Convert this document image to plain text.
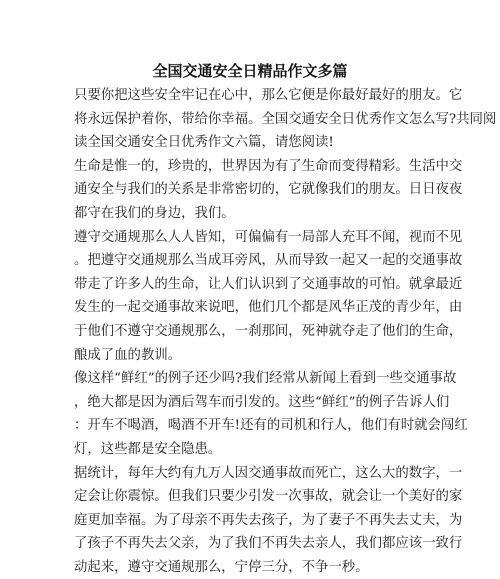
全国交通安全日精品作文多篇
只要你把这些安全牢记在心中，那么它便是你最好最好的朋友。它
将永远保护着你，带给你幸福。全国交通安全日优秀作文怎么写?共同阅
读全国交通安全日优秀作文六篇，请您阅读!
生命是惟一的，珍贵的，世界因为有了生命而变得精彩。生活中交
通安全与我们的关系是非常密切的，它就像我们的朋友。日日夜夜
都守在我们的身边，我们。
遵守交通规那么人人皆知，可偏偏有一局部人充耳不闻，视而不见
。把遵守交通规那么当成耳旁风，从而导致一起又一起的交通事故
带走了许多人的生命，让人们认识到了交通事故的可怕。就拿最近
发生的一起交通事故来说吧，他们几个都是风华正茂的青少年，由
于他们不遵守交通规那么，一刹那间，死神就夺走了他们的生命，
酿成了血的教训。
像这样“鲜红”的例子还少吗?我们经常从新闻上看到一些交通事故
，绝大都是因为酒后驾车而引发的。这些“鲜红”的例子告诉人们
：开车不喝酒，喝酒不开车!还有的司机和行人，他们有时就会闯红
灯，这些都是安全隐患。
据统计，每年大约有九万人因交通事故而死亡，这么大的数字，一
定会让你震惊。但我们只要少引发一次事故，就会让一个美好的家
庭更加幸福。为了母亲不再失去孩子，为了妻子不再失去丈夫，为
了孩子不再失去父亲，为了我们不再失去亲人，我们都应该一致行
动起来，遵守交通规那么，宁停三分，不争一秒。
